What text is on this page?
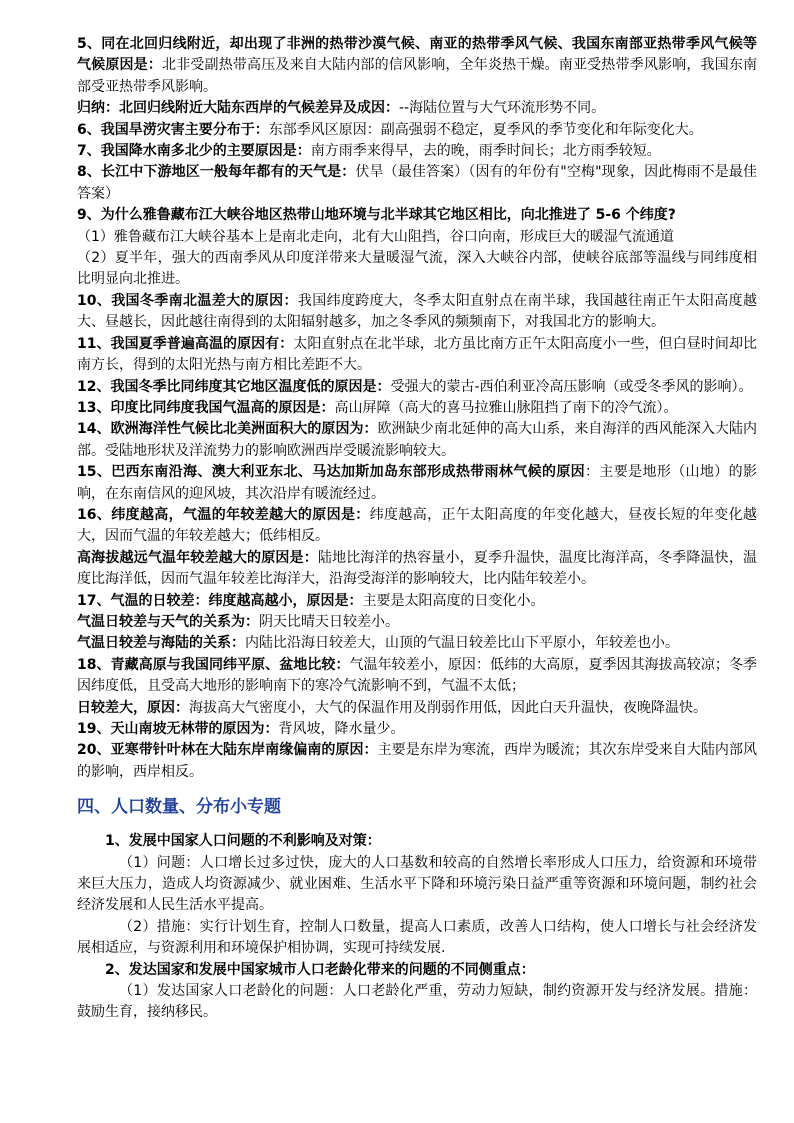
5、同在北回归线附近，却出现了非洲的热带沙漠气候、南亚的热带季风气候、我国东南部亚热带季风气候等气候原因是：北非受副热带高压及来自大陆内部的信风影响，全年炎热干燥。南亚受热带季风影响，我国东南部受亚热带季风影响。

归纳：北回归线附近大陆东西岸的气候差异及成因：--海陆位置与大气环流形势不同。

6、我国旱涝灾害主要分布于：东部季风区原因：副高强弱不稳定，夏季风的季节变化和年际变化大。

7、我国降水南多北少的主要原因是：南方雨季来得早，去的晚，雨季时间长；北方雨季较短。

8、长江中下游地区一般每年都有的天气是：伏旱（最佳答案）（因有的年份有"空梅"现象，因此梅雨不是最佳答案）

9、为什么雅鲁藏布江大峡谷地区热带山地环境与北半球其它地区相比，向北推进了 5-6 个纬度?

（1）雅鲁藏布江大峡谷基本上是南北走向，北有大山阻挡，谷口向南，形成巨大的暖湿气流通道

（2）夏半年，强大的西南季风从印度洋带来大量暖湿气流，深入大峡谷内部，使峡谷底部等温线与同纬度相比明显向北推进。

10、我国冬季南北温差大的原因：我国纬度跨度大，冬季太阳直射点在南半球，我国越往南正午太阳高度越大、昼越长，因此越往南得到的太阳辐射越多，加之冬季风的频频南下，对我国北方的影响大。

11、我国夏季普遍高温的原因有：太阳直射点在北半球，北方虽比南方正午太阳高度小一些，但白昼时间却比南方长，得到的太阳光热与南方相比差距不大。

12、我国冬季比同纬度其它地区温度低的原因是：受强大的蒙古-西伯利亚冷高压影响（或受冬季风的影响）。

13、印度比同纬度我国气温高的原因是：高山屏障（高大的喜马拉雅山脉阻挡了南下的冷气流）。

14、欧洲海洋性气候比北美洲面积大的原因为：欧洲缺少南北延伸的高大山系，来自海洋的西风能深入大陆内部。受陆地形状及洋流势力的影响欧洲西岸受暖流影响较大。

15、巴西东南沿海、澳大利亚东北、马达加斯加岛东部形成热带雨林气候的原因：主要是地形（山地）的影响，在东南信风的迎风坡，其次沿岸有暖流经过。

16、纬度越高，气温的年较差越大的原因是：纬度越高，正午太阳高度的年变化越大，昼夜长短的年变化越大，因而气温的年较差越大；低纬相反。

高海拔越远气温年较差越大的原因是：陆地比海洋的热容量小，夏季升温快，温度比海洋高，冬季降温快，温度比海洋低，因而气温年较差比海洋大，沿海受海洋的影响较大，比内陆年较差小。

17、气温的日较差：纬度越高越小，原因是：主要是太阳高度的日变化小。

气温日较差与天气的关系为：阴天比晴天日较差小。

气温日较差与海陆的关系：内陆比沿海日较差大，山顶的气温日较差比山下平原小，年较差也小。

18、青藏高原与我国同纬平原、盆地比较：气温年较差小，原因：低纬的大高原，夏季因其海拔高较凉；冬季因纬度低，且受高大地形的影响南下的寒冷气流影响不到，气温不太低；

日较差大，原因：海拔高大气密度小，大气的保温作用及削弱作用低，因此白天升温快，夜晚降温快。

19、天山南坡无林带的原因为：背风坡，降水量少。

20、亚寒带针叶林在大陆东岸南缘偏南的原因：主要是东岸为寒流，西岸为暖流；其次东岸受来自大陆内部风的影响，西岸相反。

四、人口数量、分布小专题

1、发展中国家人口问题的不利影响及对策：

（1）问题：人口增长过多过快，庞大的人口基数和较高的自然增长率形成人口压力，给资源和环境带来巨大压力，造成人均资源减少、就业困难、生活水平下降和环境污染日益严重等资源和环境问题，制约社会经济发展和人民生活水平提高。

（2）措施：实行计划生育，控制人口数量，提高人口素质，改善人口结构，使人口增长与社会经济发展相适应，与资源利用和环境保护相协调，实现可持续发展.

2、发达国家和发展中国家城市人口老龄化带来的问题的不同侧重点：

（1）发达国家人口老龄化的问题：人口老龄化严重，劳动力短缺，制约资源开发与经济发展。措施：鼓励生育，接纳移民。
